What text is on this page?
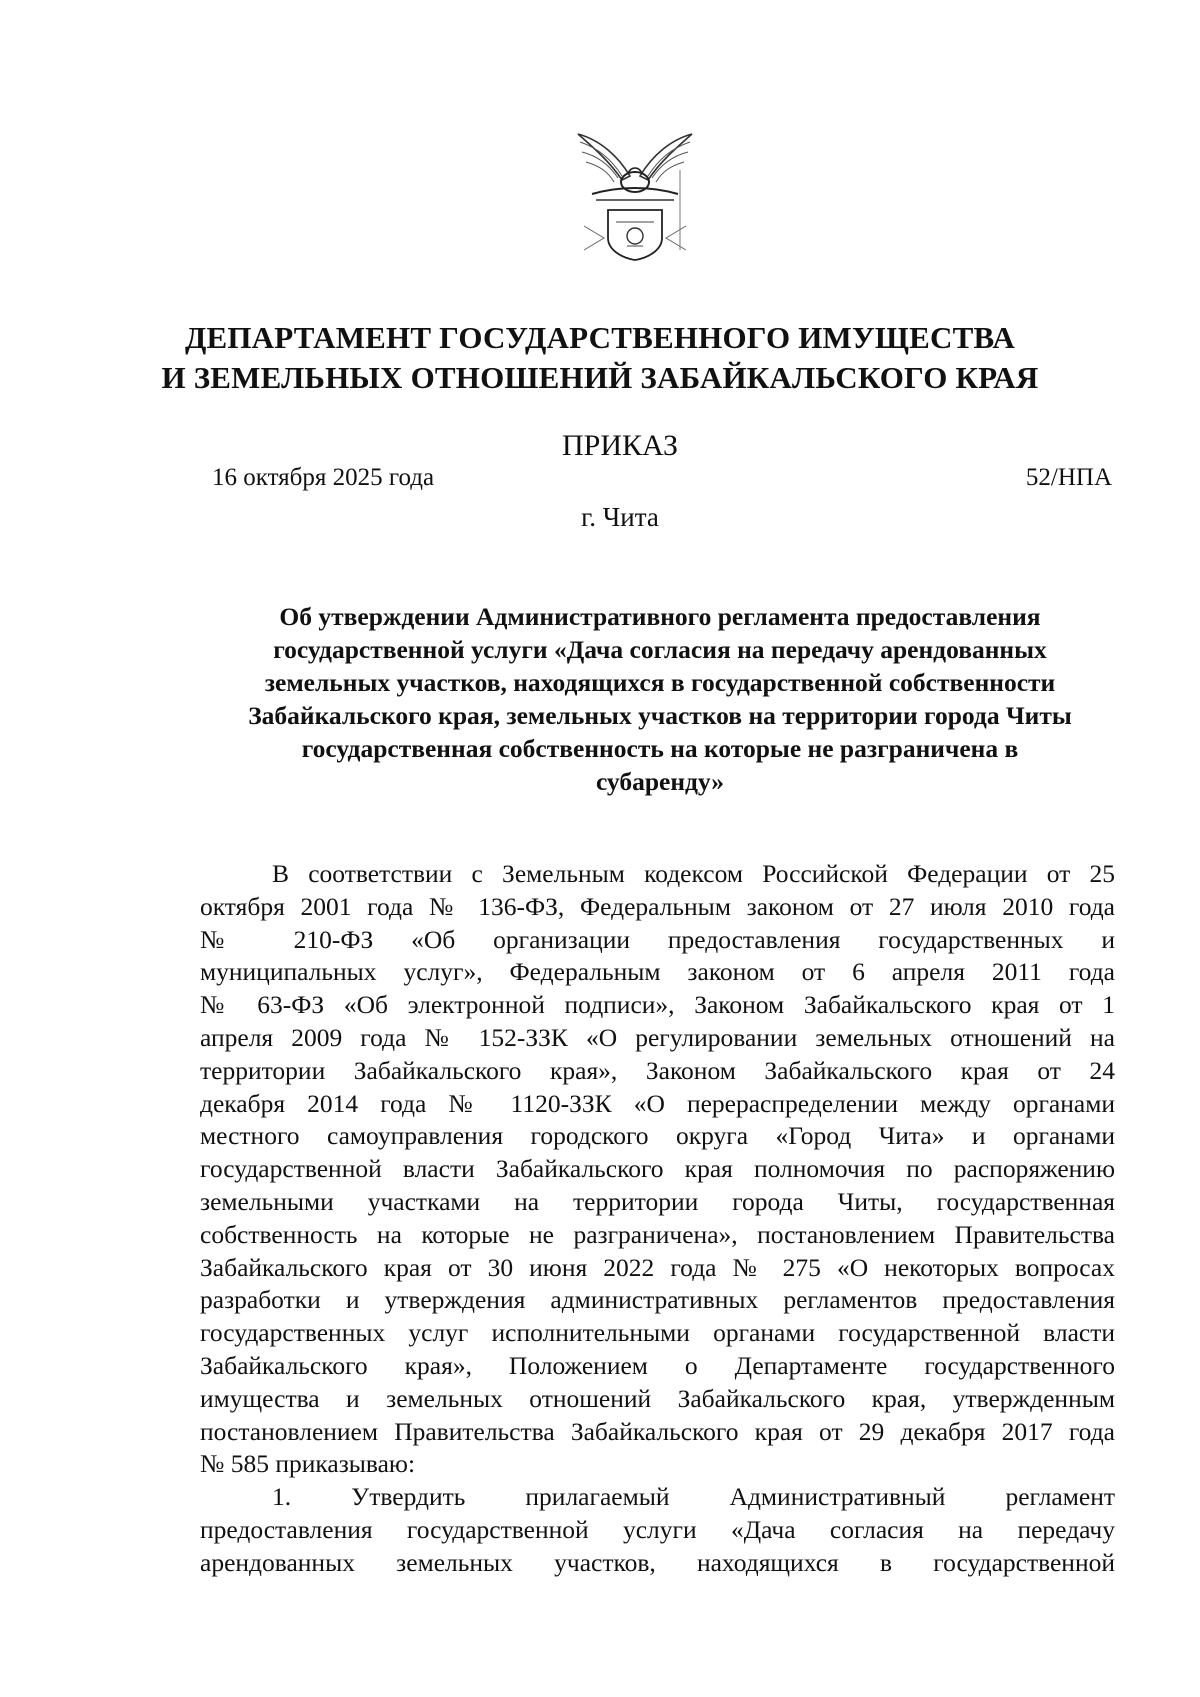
ДЕПАРТАМЕНТ ГОСУДАРСТВЕННОГО ИМУЩЕСТВА
И ЗЕМЕЛЬНЫХ ОТНОШЕНИЙ ЗАБАЙКАЛЬСКОГО КРАЯ
ПРИКАЗ
16 октября 2025 года	52/НПА
г. Чита
Об утверждении Административного регламента предоставления
государственной услуги «Дача согласия на передачу арендованных
земельных участков, находящихся в государственной собственности
Забайкальского края, земельных участков на территории города Читы
государственная собственность на которые не разграничена в
субаренду»
В соответствии с Земельным кодексом Российской Федерации от 25
октября 2001 года № 136-ФЗ, Федеральным законом от 27 июля 2010 года
№ 210-ФЗ «Об организации предоставления государственных и
муниципальных услуг», Федеральным законом от 6 апреля 2011 года
№ 63-ФЗ «Об электронной подписи», Законом Забайкальского края от 1
апреля 2009 года № 152-ЗЗК «О регулировании земельных отношений на
территории Забайкальского края», Законом Забайкальского края от 24
декабря 2014 года № 1120-ЗЗК «О перераспределении между органами
местного самоуправления городского округа «Город Чита» и органами
государственной власти Забайкальского края полномочия по распоряжению
земельными участками на территории города Читы, государственная
собственность на которые не разграничена», постановлением Правительства
Забайкальского края от 30 июня 2022 года № 275 «О некоторых вопросах
разработки и утверждения административных регламентов предоставления
государственных услуг исполнительными органами государственной власти
Забайкальского края», Положением о Департаменте государственного
имущества и земельных отношений Забайкальского края, утвержденным
постановлением Правительства Забайкальского края от 29 декабря 2017 года
№ 585 приказываю:
1. Утвердить прилагаемый Административный регламент
предоставления государственной услуги «Дача согласия на передачу
арендованных земельных участков, находящихся в государственной
